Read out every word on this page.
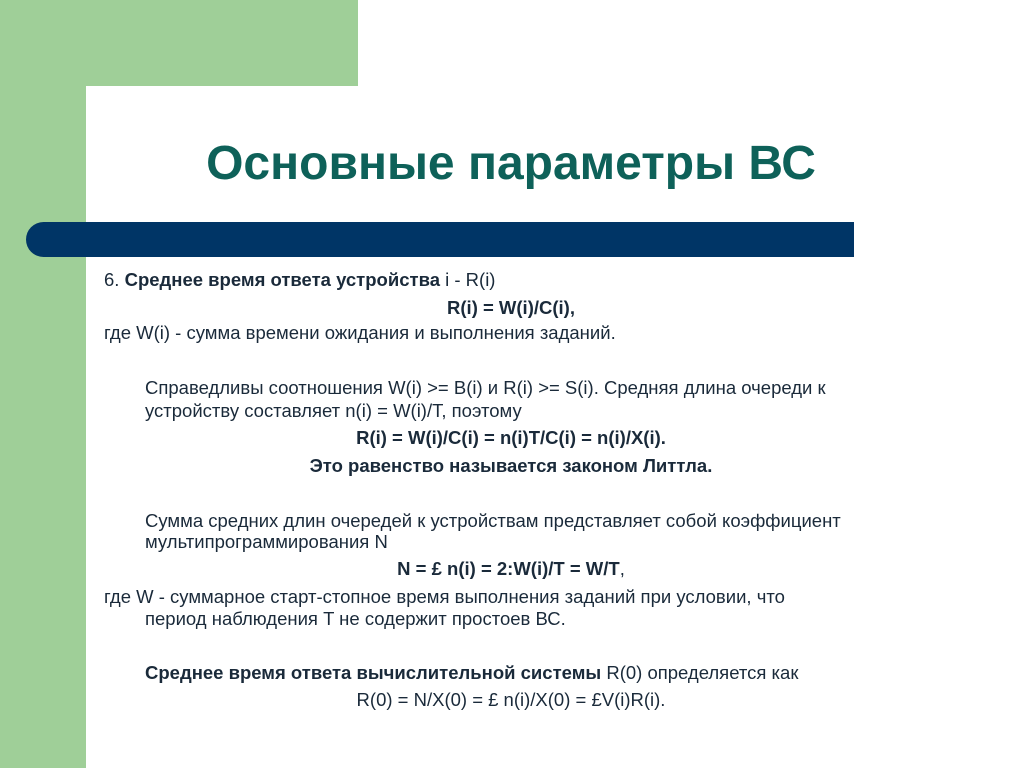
Основные параметры ВС
6. Среднее время ответа устройства i - R(i)
R(i) = W(i)/C(i),
где W(i) - сумма времени ожидания и выполнения заданий.
Справедливы соотношения W(i) >= B(i) и R(i) >= S(i). Средняя длина очереди к
устройству составляет n(i) = W(i)/T, поэтому
R(i) = W(i)/C(i) = n(i)T/C(i) = n(i)/X(i).
Это равенство называется законом Литтла.
Сумма средних длин очередей к устройствам представляет собой коэффициент
мультипрограммирования N
N = £ n(i) = 2:W(i)/T = W/T,
где W - суммарное старт-стопное время выполнения заданий при условии, что
период наблюдения T не содержит простоев ВС.
Среднее время ответа вычислительной системы R(0) определяется как
R(0) = N/X(0) = £ n(i)/X(0) = £V(i)R(i).
